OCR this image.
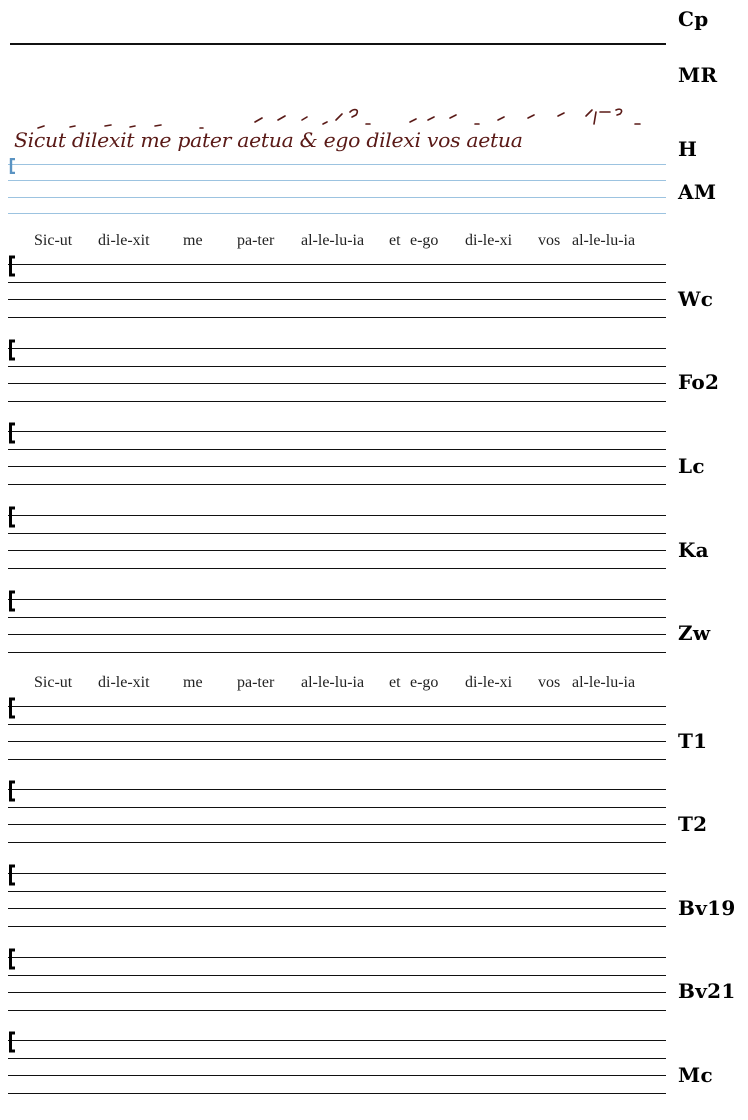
Cp
MR
H
AM
Wc
Fo2
Lc
Ka
Zw
T1
T2
Bv19
Bv21
Mc
Sicut dilexit me pater aetua & ego dilexi vos aetua
Sic-ut di-le-xit me pa-ter al-le-lu-ia et e-go di-le-xi vos al-le-lu-ia
Sic-ut di-le-xit me pa-ter al-le-lu-ia et e-go di-le-xi vos al-le-lu-ia
